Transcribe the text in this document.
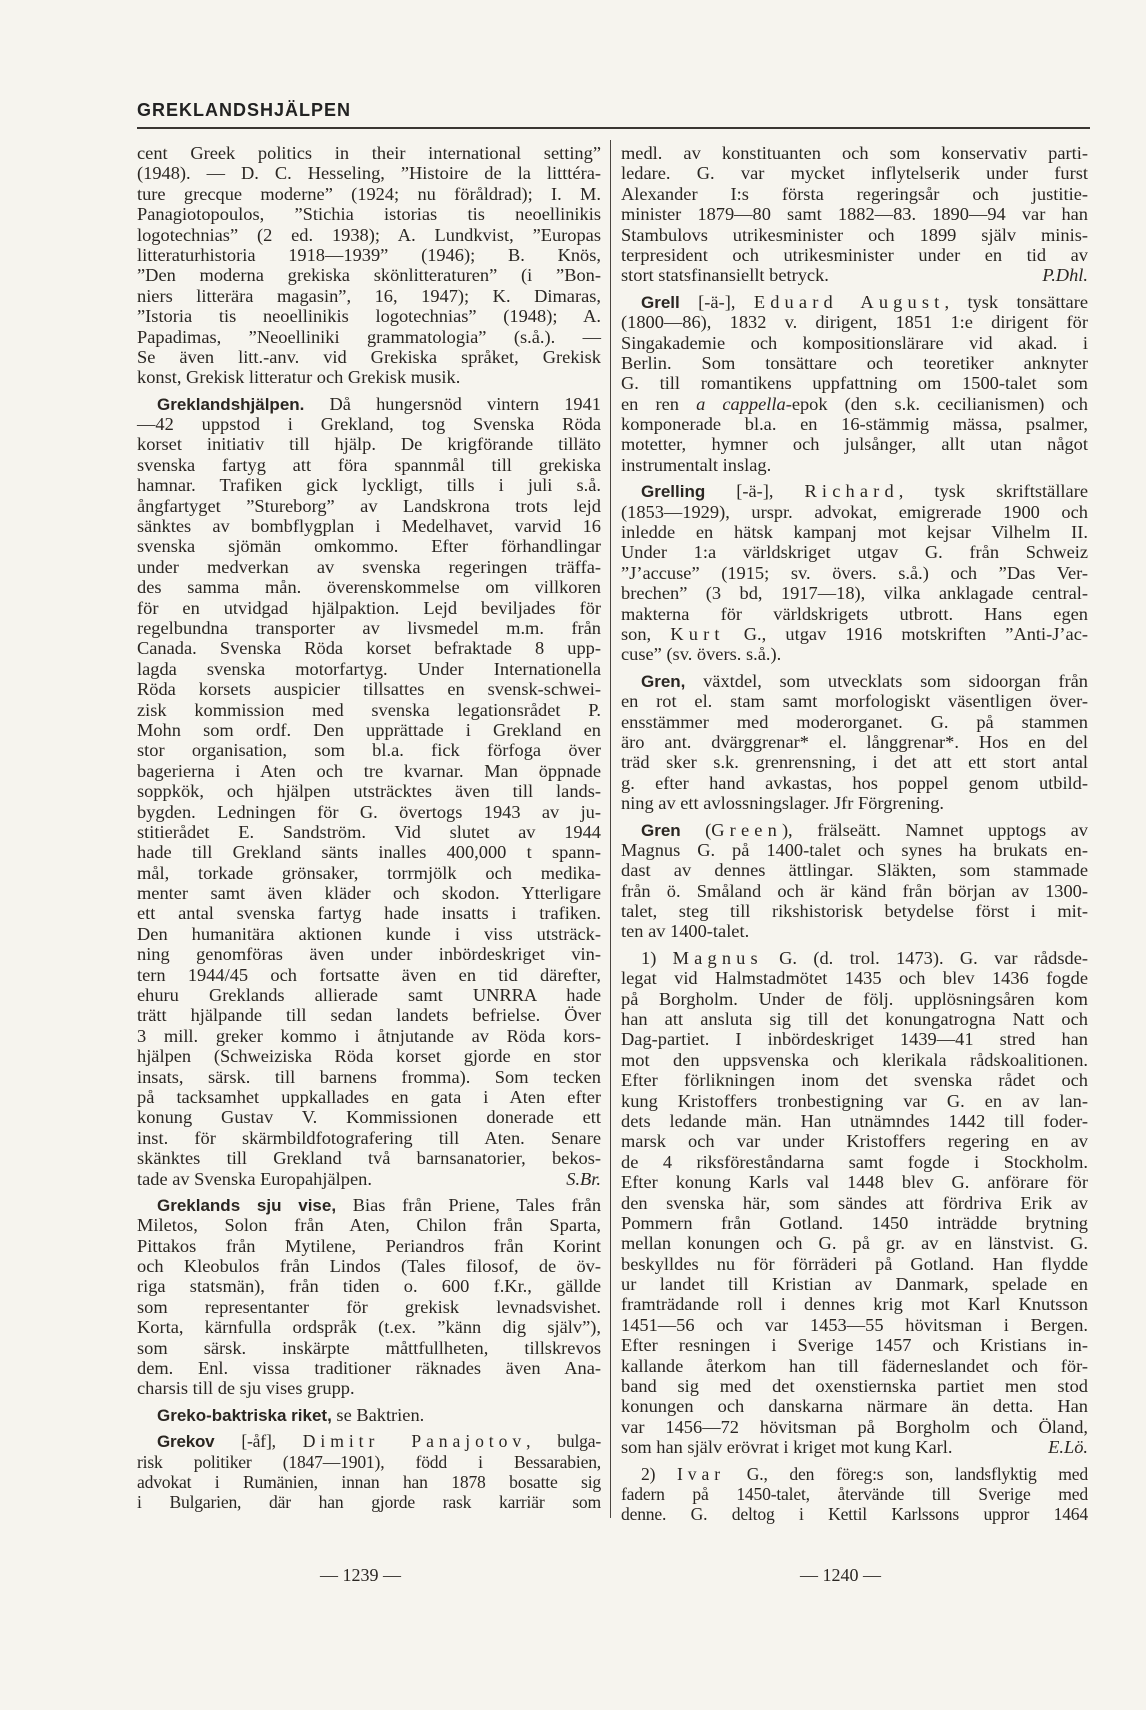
GREKLANDSHJÄLPEN
cent Greek politics in their international setting”
(1948). — D. C. Hesseling, ”Histoire de la litttéra-
ture grecque moderne” (1924; nu föråldrad); I. M.
Panagiotopoulos, ”Stichia istorias tis neoellinikis
logotechnias” (2 ed. 1938); A. Lundkvist, ”Europas
litteraturhistoria 1918—1939” (1946); B. Knös,
”Den moderna grekiska skönlitteraturen” (i ”Bon-
niers litterära magasin”, 16, 1947); K. Dimaras,
”Istoria tis neoellinikis logotechnias” (1948); A.
Papadimas, ”Neoelliniki grammatologia” (s.å.). —
Se även litt.-anv. vid Grekiska språket, Grekisk
konst, Grekisk litteratur och Grekisk musik.
Greklandshjälpen. Då hungersnöd vintern 1941
—42 uppstod i Grekland, tog Svenska Röda
korset initiativ till hjälp. De krigförande tilläto
svenska fartyg att föra spannmål till grekiska
hamnar. Trafiken gick lyckligt, tills i juli s.å.
ångfartyget ”Stureborg” av Landskrona trots lejd
sänktes av bombflygplan i Medelhavet, varvid 16
svenska sjömän omkommo. Efter förhandlingar
under medverkan av svenska regeringen träffa-
des samma mån. överenskommelse om villkoren
för en utvidgad hjälpaktion. Lejd beviljades för
regelbundna transporter av livsmedel m.m. från
Canada. Svenska Röda korset befraktade 8 upp-
lagda svenska motorfartyg. Under Internationella
Röda korsets auspicier tillsattes en svensk-schwei-
zisk kommission med svenska legationsrådet P.
Mohn som ordf. Den upprättade i Grekland en
stor organisation, som bl.a. fick förfoga över
bagerierna i Aten och tre kvarnar. Man öppnade
soppkök, och hjälpen utsträcktes även till lands-
bygden. Ledningen för G. övertogs 1943 av ju-
stitierådet E. Sandström. Vid slutet av 1944
hade till Grekland sänts inalles 400,000 t spann-
mål, torkade grönsaker, torrmjölk och medika-
menter samt även kläder och skodon. Ytterligare
ett antal svenska fartyg hade insatts i trafiken.
Den humanitära aktionen kunde i viss utsträck-
ning genomföras även under inbördeskriget vin-
tern 1944/45 och fortsatte även en tid därefter,
ehuru Greklands allierade samt UNRRA hade
trätt hjälpande till sedan landets befrielse. Över
3 mill. greker kommo i åtnjutande av Röda kors-
hjälpen (Schweiziska Röda korset gjorde en stor
insats, särsk. till barnens fromma). Som tecken
på tacksamhet uppkallades en gata i Aten efter
konung Gustav V. Kommissionen donerade ett
inst. för skärmbildfotografering till Aten. Senare
skänktes till Grekland två barnsanatorier, bekos-
S.Br.
tade av Svenska Europahjälpen.
Greklands sju vise, Bias från Priene, Tales från
Miletos, Solon från Aten, Chilon från Sparta,
Pittakos från Mytilene, Periandros från Korint
och Kleobulos från Lindos (Tales filosof, de öv-
riga statsmän), från tiden o. 600 f.Kr., gällde
som representanter för grekisk levnadsvishet.
Korta, kärnfulla ordspråk (t.ex. ”känn dig själv”),
som särsk. inskärpte måttfullheten, tillskrevos
dem. Enl. vissa traditioner räknades även Ana-
charsis till de sju vises grupp.
Greko-baktriska riket, se Baktrien.
Grekov [-åf], Dimitr Panajotov, bulga-
risk politiker (1847—1901), född i Bessarabien,
advokat i Rumänien, innan han 1878 bosatte sig
i Bulgarien, där han gjorde rask karriär som
medl. av konstituanten och som konservativ parti-
ledare. G. var mycket inflytelserik under furst
Alexander I:s första regeringsår och justitie-
minister 1879—80 samt 1882—83. 1890—94 var han
Stambulovs utrikesminister och 1899 själv minis-
terpresident och utrikesminister under en tid av
P.Dhl.
stort statsfinansiellt betryck.
Grell [-ä-], Eduard August, tysk tonsättare
(1800—86), 1832 v. dirigent, 1851 1:e dirigent för
Singakademie och kompositionslärare vid akad. i
Berlin. Som tonsättare och teoretiker anknyter
G. till romantikens uppfattning om 1500-talet som
en ren a cappella-epok (den s.k. cecilianismen) och
komponerade bl.a. en 16-stämmig mässa, psalmer,
motetter, hymner och julsånger, allt utan något
instrumentalt inslag.
Grelling [-ä-], Richard, tysk skriftställare
(1853—1929), urspr. advokat, emigrerade 1900 och
inledde en hätsk kampanj mot kejsar Vilhelm II.
Under 1:a världskriget utgav G. från Schweiz
”J’accuse” (1915; sv. övers. s.å.) och ”Das Ver-
brechen” (3 bd, 1917—18), vilka anklagade central-
makterna för världskrigets utbrott. Hans egen
son, Kurt G., utgav 1916 motskriften ”Anti-J’ac-
cuse” (sv. övers. s.å.).
Gren, växtdel, som utvecklats som sidoorgan från
en rot el. stam samt morfologiskt väsentligen över-
ensstämmer med moderorganet. G. på stammen
äro ant. dvärggrenar* el. långgrenar*. Hos en del
träd sker s.k. grenrensning, i det att ett stort antal
g. efter hand avkastas, hos poppel genom utbild-
ning av ett avlossningslager. Jfr Förgrening.
Gren (Green), frälseätt. Namnet upptogs av
Magnus G. på 1400-talet och synes ha brukats en-
dast av dennes ättlingar. Släkten, som stammade
från ö. Småland och är känd från början av 1300-
talet, steg till rikshistorisk betydelse först i mit-
ten av 1400-talet.
1) Magnus G. (d. trol. 1473). G. var rådsde-
legat vid Halmstadmötet 1435 och blev 1436 fogde
på Borgholm. Under de följ. upplösningsåren kom
han att ansluta sig till det konungatrogna Natt och
Dag-partiet. I inbördeskriget 1439—41 stred han
mot den uppsvenska och klerikala rådskoalitionen.
Efter förlikningen inom det svenska rådet och
kung Kristoffers tronbestigning var G. en av lan-
dets ledande män. Han utnämndes 1442 till foder-
marsk och var under Kristoffers regering en av
de 4 riksföreståndarna samt fogde i Stockholm.
Efter konung Karls val 1448 blev G. anförare för
den svenska här, som sändes att fördriva Erik av
Pommern från Gotland. 1450 inträdde brytning
mellan konungen och G. på gr. av en länstvist. G.
beskylldes nu för förräderi på Gotland. Han flydde
ur landet till Kristian av Danmark, spelade en
framträdande roll i dennes krig mot Karl Knutsson
1451—56 och var 1453—55 hövitsman i Bergen.
Efter resningen i Sverige 1457 och Kristians in-
kallande återkom han till fäderneslandet och för-
band sig med det oxenstiernska partiet men stod
konungen och danskarna närmare än detta. Han
var 1456—72 hövitsman på Borgholm och Öland,
E.Lö.
som han själv erövrat i kriget mot kung Karl.
2) Ivar G., den föreg:s son, landsflyktig med
fadern på 1450-talet, återvände till Sverige med
denne. G. deltog i Kettil Karlssons uppror 1464
— 1239 —	— 1240 —
